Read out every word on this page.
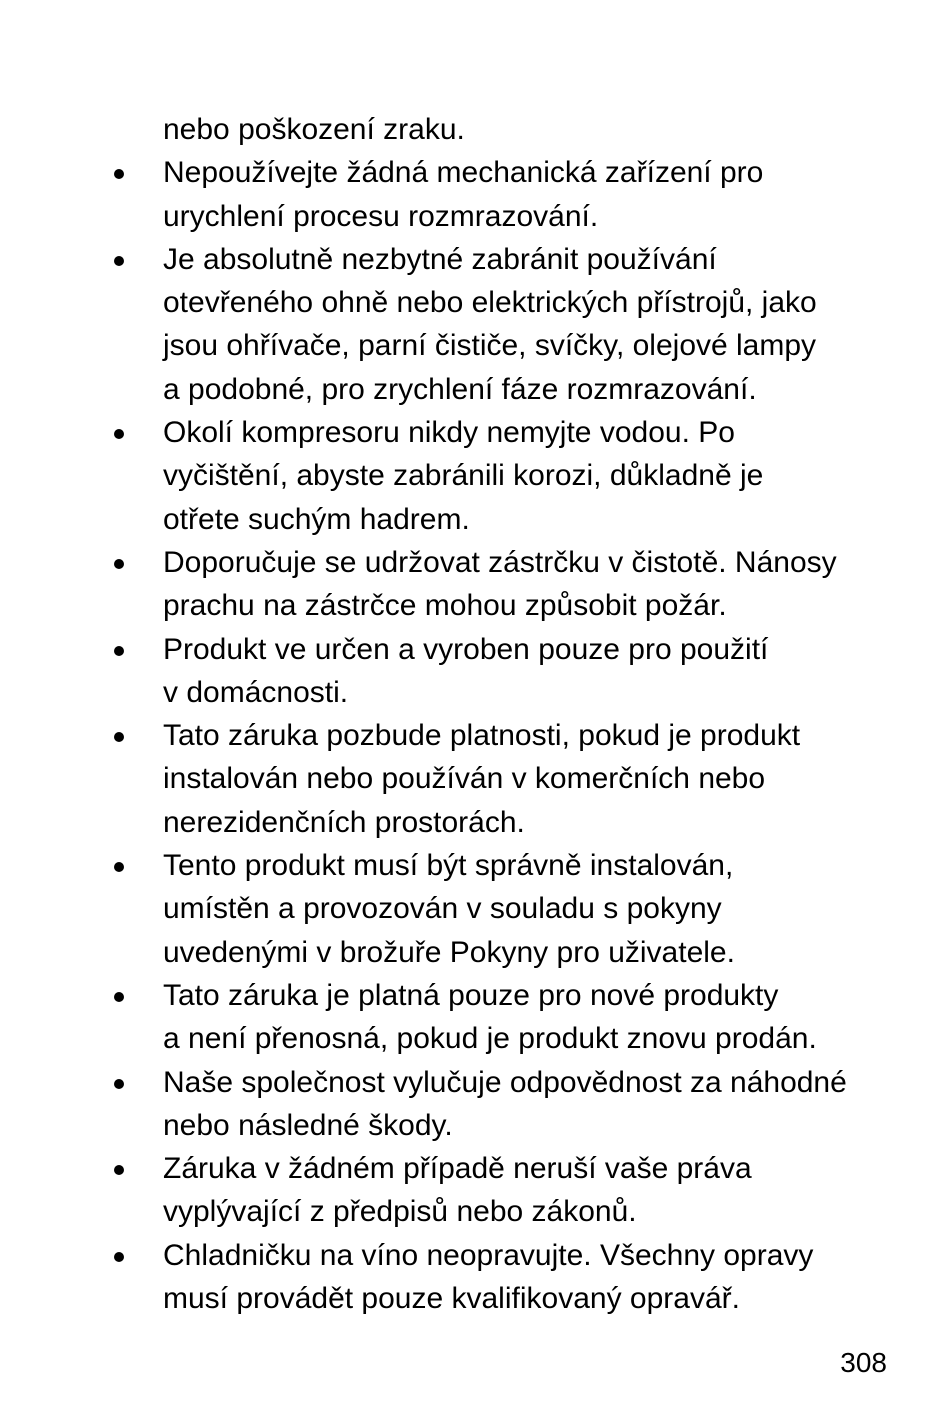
nebo poškození zraku.

Nepoužívejte žádná mechanická zařízení pro
urychlení procesu rozmrazování.
Je absolutně nezbytné zabránit používání
otevřeného ohně nebo elektrických přístrojů, jako
jsou ohřívače, parní čističe, svíčky, olejové lampy
a podobné, pro zrychlení fáze rozmrazování.
Okolí kompresoru nikdy nemyjte vodou. Po
vyčištění, abyste zabránili korozi, důkladně je
otřete suchým hadrem.
Doporučuje se udržovat zástrčku v čistotě. Nánosy
prachu na zástrčce mohou způsobit požár.
Produkt ve určen a vyroben pouze pro použití
v domácnosti.
Tato záruka pozbude platnosti, pokud je produkt
instalován nebo používán v komerčních nebo
nerezidenčních prostorách.
Tento produkt musí být správně instalován,
umístěn a provozován v souladu s pokyny
uvedenými v brožuře Pokyny pro uživatele.
Tato záruka je platná pouze pro nové produkty
a není přenosná, pokud je produkt znovu prodán.
Naše společnost vylučuje odpovědnost za náhodné
nebo následné škody.
Záruka v žádném případě neruší vaše práva
vyplývající z předpisů nebo zákonů.
Chladničku na víno neopravujte. Všechny opravy
musí provádět pouze kvalifikovaný opravář.
308
